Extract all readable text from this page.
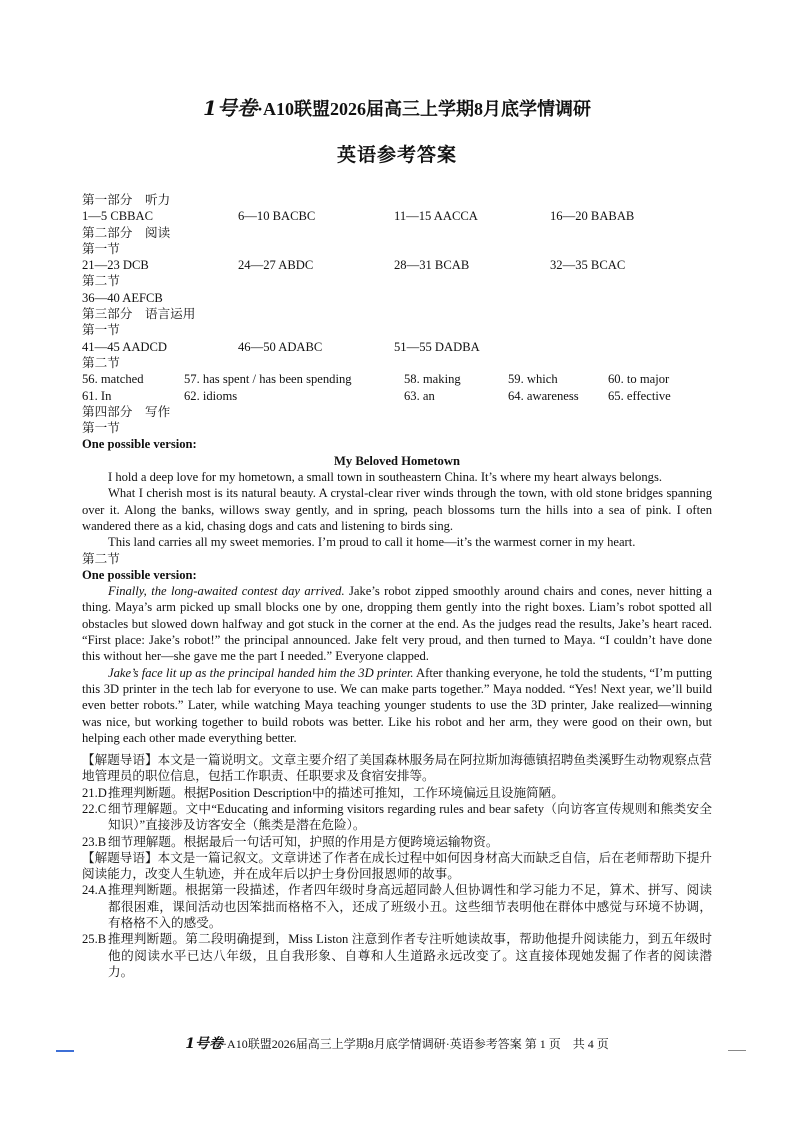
1号卷·A10联盟2026届高三上学期8月底学情调研
英语参考答案
第一部分　听力
1—5 CBBAC	6—10 BACBC	11—15 AACCA	16—20 BABAB
第二部分　阅读
第一节
21—23 DCB	24—27 ABDC	28—31 BCAB	32—35 BCAC
第二节
36—40 AEFCB
第三部分　语言运用
第一节
41—45 AADCD	46—50 ADABC	51—55 DADBA
第二节
56. matched	57. has spent / has been spending	58. making	59. which	60. to major
61. In	62. idioms	63. an	64. awareness 65. effective
第四部分　写作
第一节
One possible version:
My Beloved Hometown

I hold a deep love for my hometown, a small town in southeastern China. It’s where my heart always belongs.

What I cherish most is its natural beauty. A crystal-clear river winds through the town, with old stone bridges spanning over it. Along the banks, willows sway gently, and in spring, peach blossoms turn the hills into a sea of pink. I often wandered there as a kid, chasing dogs and cats and listening to birds sing.

This land carries all my sweet memories. I’m proud to call it home—it’s the warmest corner in my heart.

第二节
One possible version:

Finally, the long-awaited contest day arrived. Jake’s robot zipped smoothly around chairs and cones, never hitting a thing. Maya’s arm picked up small blocks one by one, dropping them gently into the right boxes. Liam’s robot spotted all obstacles but slowed down halfway and got stuck in the corner at the end. As the judges read the results, Jake’s heart raced. “First place: Jake’s robot!” the principal announced. Jake felt very proud, and then turned to Maya. “I couldn’t have done this without her—she gave me the part I needed.” Everyone clapped.

Jake’s face lit up as the principal handed him the 3D printer. After thanking everyone, he told the students, “I’m putting this 3D printer in the tech lab for everyone to use. We can make parts together.” Maya nodded. “Yes! Next year, we’ll build even better robots.” Later, while watching Maya teaching younger students to use the 3D printer, Jake realized—winning was nice, but working together to build robots was better. Like his robot and her arm, they were good on their own, but helping each other made everything better.

【解题导语】本文是一篇说明文。文章主要介绍了美国森林服务局在阿拉斯加海德镇招聘鱼类溪野生动物观察点营地管理员的职位信息，包括工作职责、任职要求及食宿安排等。
21.D 推理判断题。根据Position Description中的描述可推知，工作环境偏远且设施简陋。
22.C 细节理解题。文中“Educating and informing visitors regarding rules and bear safety（向访客宣传规则和熊类安全知识）”直接涉及访客安全（熊类是潜在危险）。
23.B 细节理解题。根据最后一句话可知，护照的作用是方便跨境运输物资。
【解题导语】本文是一篇记叙文。文章讲述了作者在成长过程中如何因身材高大而缺乏自信，后在老师帮助下提升阅读能力，改变人生轨迹，并在成年后以护士身份回报恩师的故事。
24.A 推理判断题。根据第一段描述，作者四年级时身高远超同龄人但协调性和学习能力不足，算术、拼写、阅读都很困难，课间活动也因笨拙而格格不入，还成了班级小丑。这些细节表明他在群体中感觉与环境不协调，有格格不入的感受。
25.B 推理判断题。第二段明确提到，Miss Liston 注意到作者专注听她读故事，帮助他提升阅读能力，到五年级时他的阅读水平已达八年级，且自我形象、自尊和人生道路永远改变了。这直接体现她发掘了作者的阅读潜力。
1号卷·A10联盟2026届高三上学期8月底学情调研·英语参考答案 第 1 页　共 4 页
